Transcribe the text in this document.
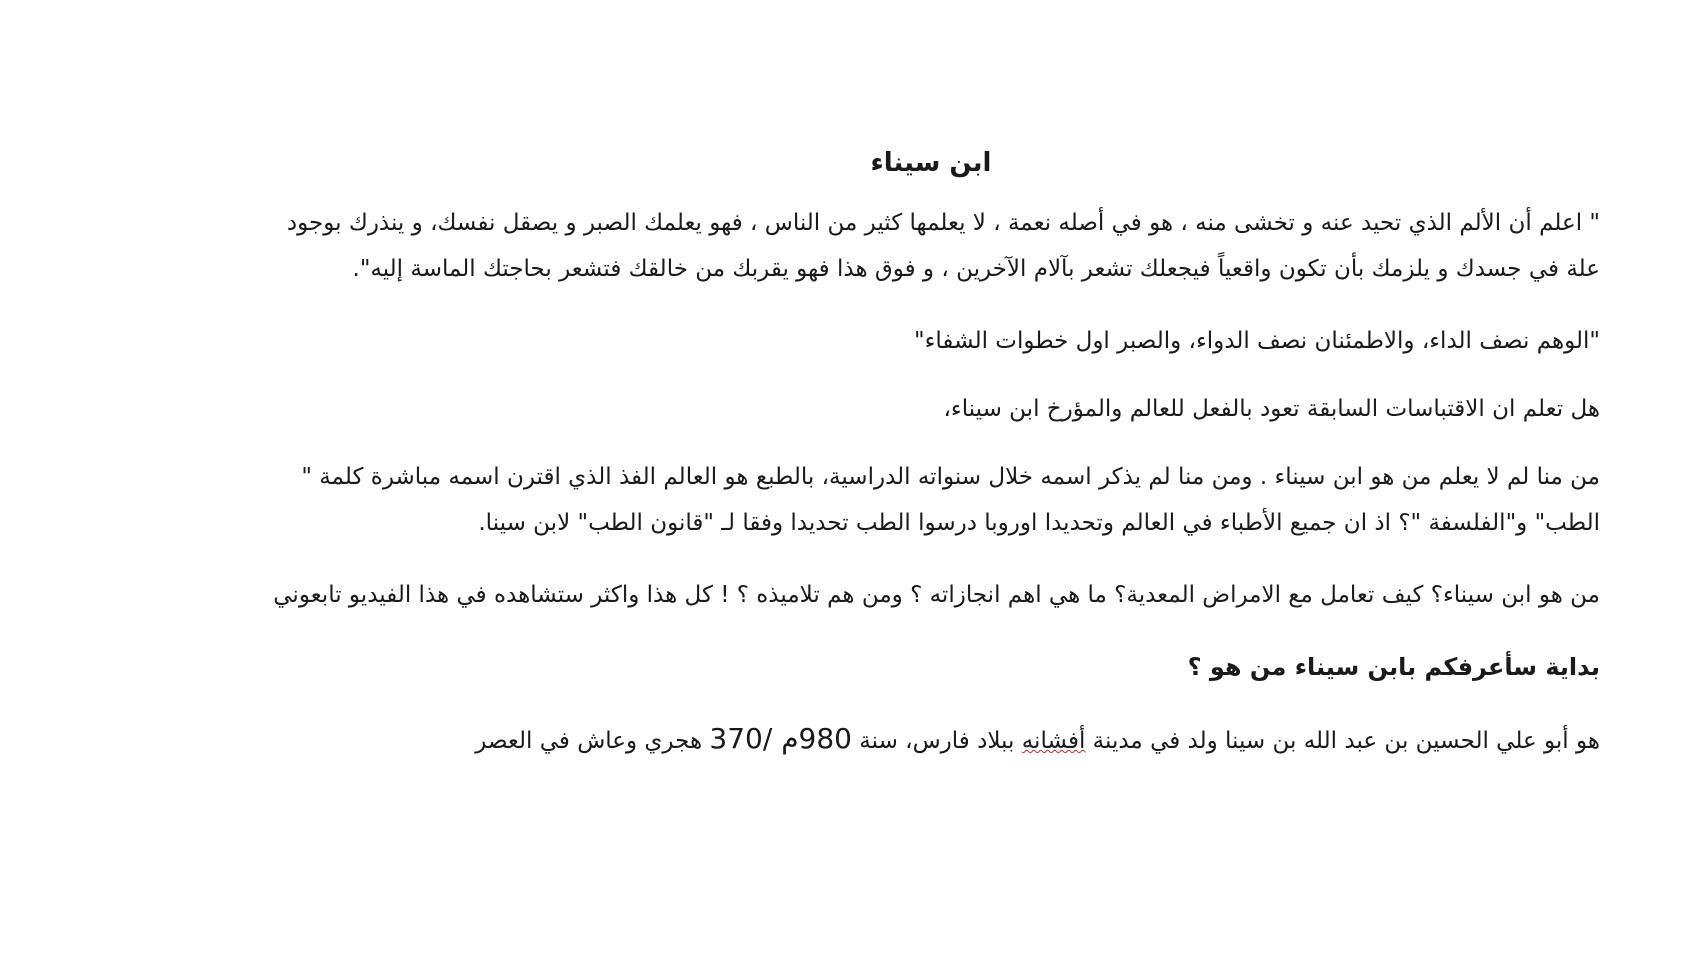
ابن سيناء

" اعلم أن الألم الذي تحيد عنه و تخشى منه ، هو في أصله نعمة ، لا يعلمها كثير من الناس ، فهو يعلمك الصبر و يصقل نفسك، و ينذرك بوجود علة في جسدك و يلزمك بأن تكون واقعياً فيجعلك تشعر بآلام الآخرين ، و فوق هذا فهو يقربك من خالقك فتشعر بحاجتك الماسة إليه".

"الوهم نصف الداء، والاطمئنان نصف الدواء، والصبر اول خطوات الشفاء"

هل تعلم ان الاقتباسات السابقة تعود بالفعل للعالم والمؤرخ ابن سيناء،

من منا لم لا يعلم من هو ابن سيناء . ومن منا لم يذكر اسمه خلال سنواته الدراسية، بالطبع هو العالم الفذ الذي اقترن اسمه مباشرة كلمة " الطب" و"الفلسفة "؟ اذ ان جميع الأطباء في العالم وتحديدا اوروبا درسوا الطب تحديدا وفقا لـ "قانون الطب" لابن سينا.

من هو ابن سيناء؟ كيف تعامل مع الامراض المعدية؟ ما هي اهم انجازاته ؟ ومن هم تلاميذه ؟ ! كل هذا واكثر ستشاهده في هذا الفيديو تابعوني

بداية سأعرفكم بابن سيناء من هو ؟

هو أبو علي الحسين بن عبد الله بن سينا ولد في مدينة أفشانه ببلاد فارس، سنة 980م /370 هجري وعاش في العصر
